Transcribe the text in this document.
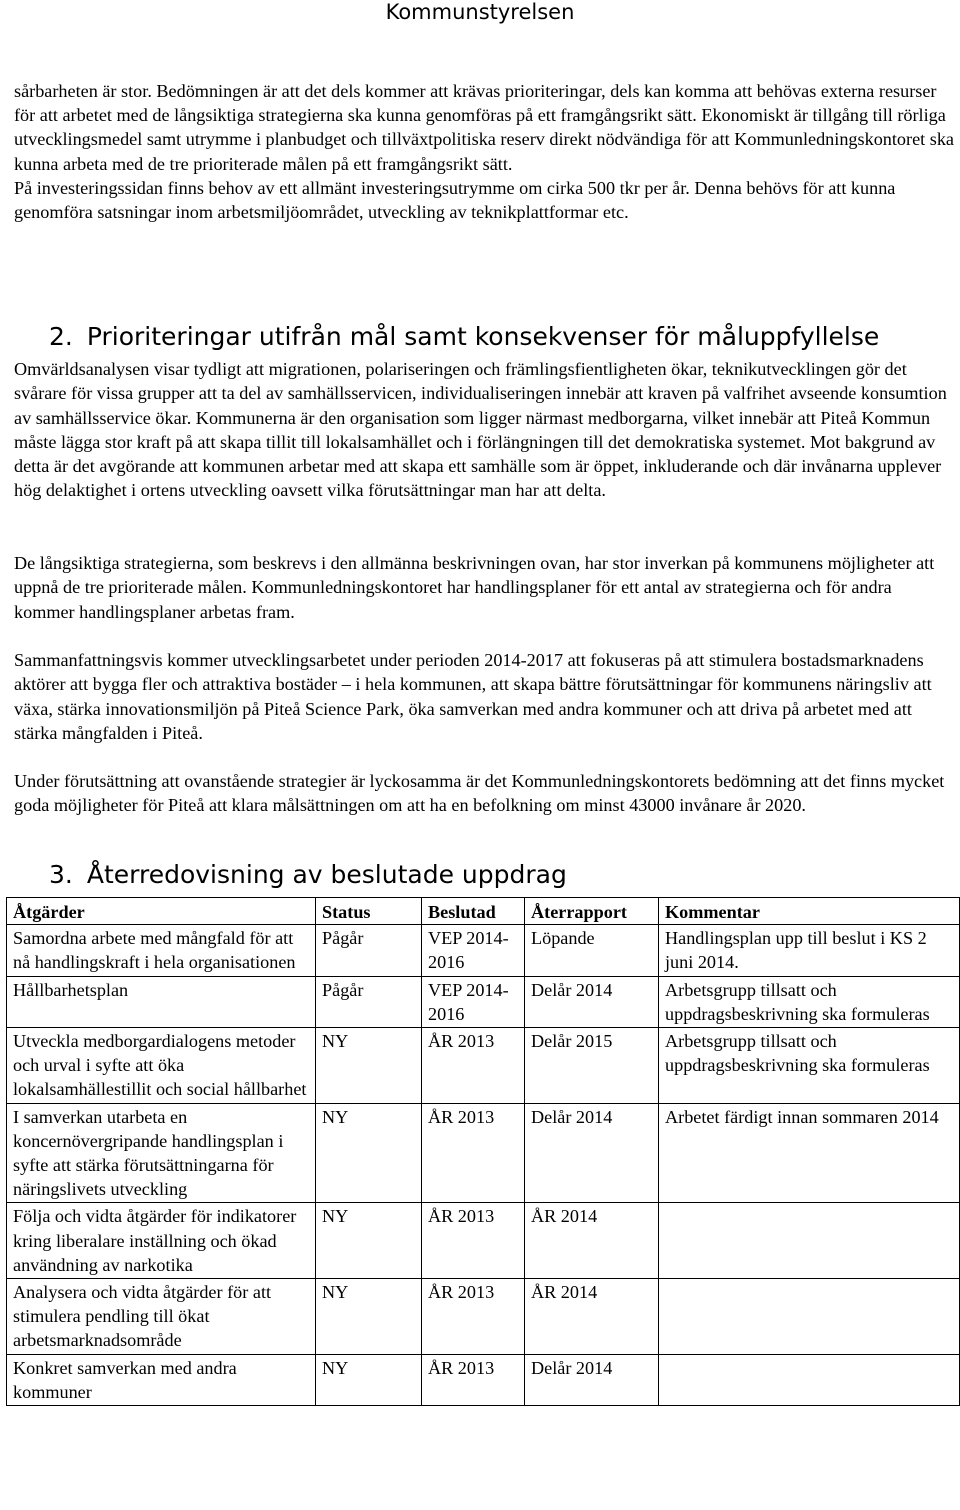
Kommunstyrelsen

sårbarheten är stor. Bedömningen är att det dels kommer att krävas prioriteringar, dels kan komma att behövas externa resurser för att arbetet med de långsiktiga strategierna ska kunna genomföras på ett framgångsrikt sätt. Ekonomiskt är tillgång till rörliga utvecklingsmedel samt utrymme i planbudget och tillväxtpolitiska reserv direkt nödvändiga för att Kommunledningskontoret ska kunna arbeta med de tre prioriterade målen på ett framgångsrikt sätt.

På investeringssidan finns behov av ett allmänt investeringsutrymme om cirka 500 tkr per år. Denna behövs för att kunna genomföra satsningar inom arbetsmiljöområdet, utveckling av teknikplattformar etc.

2. Prioriteringar utifrån mål samt konsekvenser för måluppfyllelse

Omvärldsanalysen visar tydligt att migrationen, polariseringen och främlingsfientligheten ökar, teknikutvecklingen gör det svårare för vissa grupper att ta del av samhällsservicen, individualiseringen innebär att kraven på valfrihet avseende konsumtion av samhällsservice ökar. Kommunerna är den organisation som ligger närmast medborgarna, vilket innebär att Piteå Kommun måste lägga stor kraft på att skapa tillit till lokalsamhället och i förlängningen till det demokratiska systemet. Mot bakgrund av detta är det avgörande att kommunen arbetar med att skapa ett samhälle som är öppet, inkluderande och där invånarna upplever hög delaktighet i ortens utveckling oavsett vilka förutsättningar man har att delta.

De långsiktiga strategierna, som beskrevs i den allmänna beskrivningen ovan, har stor inverkan på kommunens möjligheter att uppnå de tre prioriterade målen. Kommunledningskontoret har handlingsplaner för ett antal av strategierna och för andra kommer handlingsplaner arbetas fram.

Sammanfattningsvis kommer utvecklingsarbetet under perioden 2014-2017 att fokuseras på att stimulera bostadsmarknadens aktörer att bygga fler och attraktiva bostäder – i hela kommunen, att skapa bättre förutsättningar för kommunens näringsliv att växa, stärka innovationsmiljön på Piteå Science Park, öka samverkan med andra kommuner och att driva på arbetet med att stärka mångfalden i Piteå.

Under förutsättning att ovanstående strategier är lyckosamma är det Kommunledningskontorets bedömning att det finns mycket goda möjligheter för Piteå att klara målsättningen om att ha en befolkning om minst 43000 invånare år 2020.

3. Återredovisning av beslutade uppdrag
Åtgärder	Status	Beslutad	Återrapport	Kommentar
Samordna arbete med mångfald för att nå handlingskraft i hela organisationen	Pågår	VEP 2014-2016	Löpande	Handlingsplan upp till beslut i KS 2 juni 2014.
Hållbarhetsplan	Pågår	VEP 2014-2016	Delår 2014	Arbetsgrupp tillsatt och uppdragsbeskrivning ska formuleras
Utveckla medborgardialogens metoder och urval i syfte att öka lokalsamhällestillit och social hållbarhet	NY	ÅR 2013	Delår 2015	Arbetsgrupp tillsatt och uppdragsbeskrivning ska formuleras
I samverkan utarbeta en koncernövergripande handlingsplan i syfte att stärka förutsättningarna för näringslivets utveckling	NY	ÅR 2013	Delår 2014	Arbetet färdigt innan sommaren 2014
Följa och vidta åtgärder för indikatorer kring liberalare inställning och ökad användning av narkotika	NY	ÅR 2013	ÅR 2014	
Analysera och vidta åtgärder för att stimulera pendling till ökat arbetsmarknadsområde	NY	ÅR 2013	ÅR 2014	
Konkret samverkan med andra kommuner	NY	ÅR 2013	Delår 2014	
